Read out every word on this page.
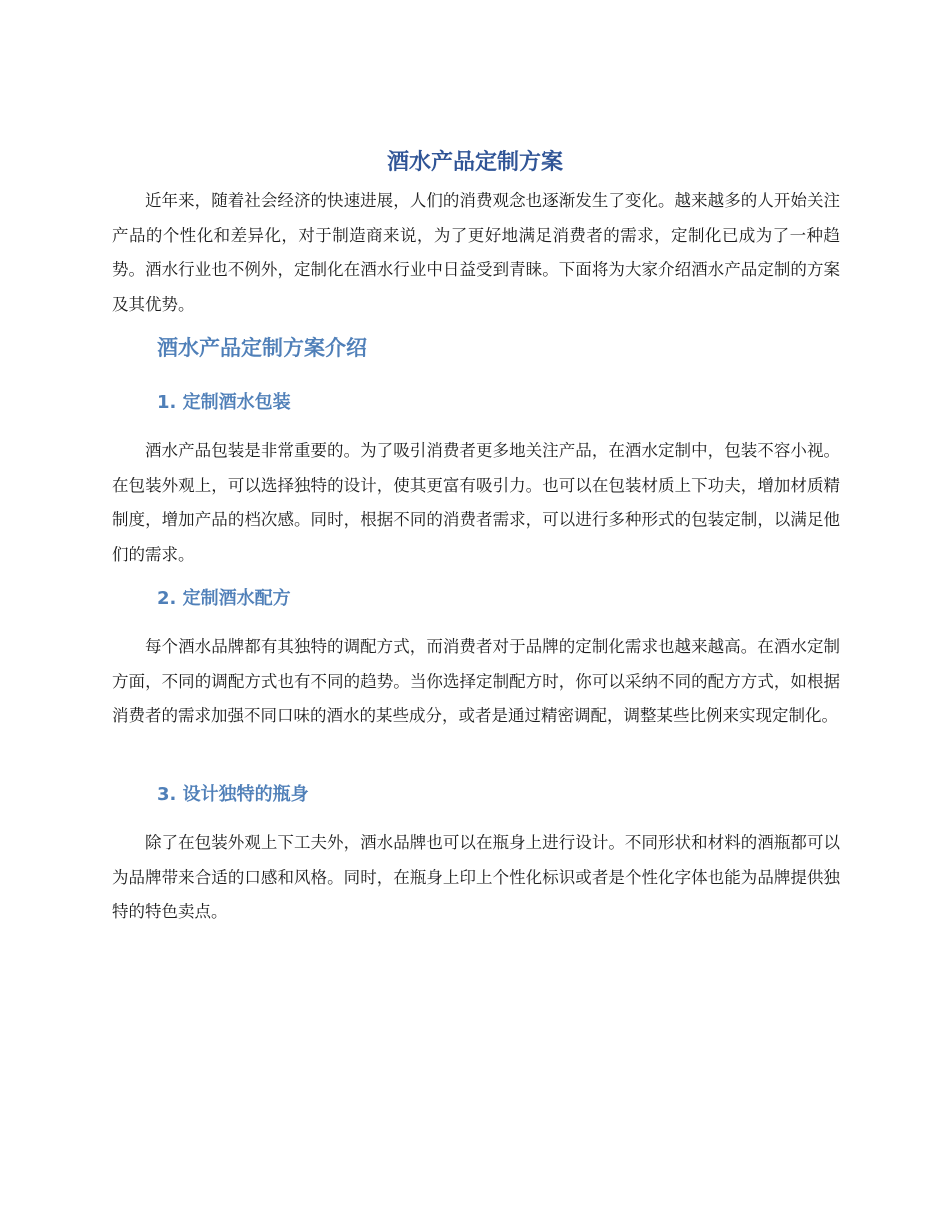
酒水产品定制方案

近年来，随着社会经济的快速进展，人们的消费观念也逐渐发生了变化。越来越多的人开始关注产品的个性化和差异化，对于制造商来说，为了更好地满足消费者的需求，定制化已成为了一种趋势。酒水行业也不例外，定制化在酒水行业中日益受到青睐。下面将为大家介绍酒水产品定制的方案及其优势。

酒水产品定制方案介绍
1. 定制酒水包装

酒水产品包装是非常重要的。为了吸引消费者更多地关注产品，在酒水定制中，包装不容小视。在包装外观上，可以选择独特的设计，使其更富有吸引力。也可以在包装材质上下功夫，增加材质精制度，增加产品的档次感。同时，根据不同的消费者需求，可以进行多种形式的包装定制，以满足他们的需求。

2. 定制酒水配方

每个酒水品牌都有其独特的调配方式，而消费者对于品牌的定制化需求也越来越高。在酒水定制方面，不同的调配方式也有不同的趋势。当你选择定制配方时，你可以采纳不同的配方方式，如根据消费者的需求加强不同口味的酒水的某些成分，或者是通过精密调配，调整某些比例来实现定制化。

3. 设计独特的瓶身

除了在包装外观上下工夫外，酒水品牌也可以在瓶身上进行设计。不同形状和材料的酒瓶都可以为品牌带来合适的口感和风格。同时，在瓶身上印上个性化标识或者是个性化字体也能为品牌提供独特的特色卖点。
